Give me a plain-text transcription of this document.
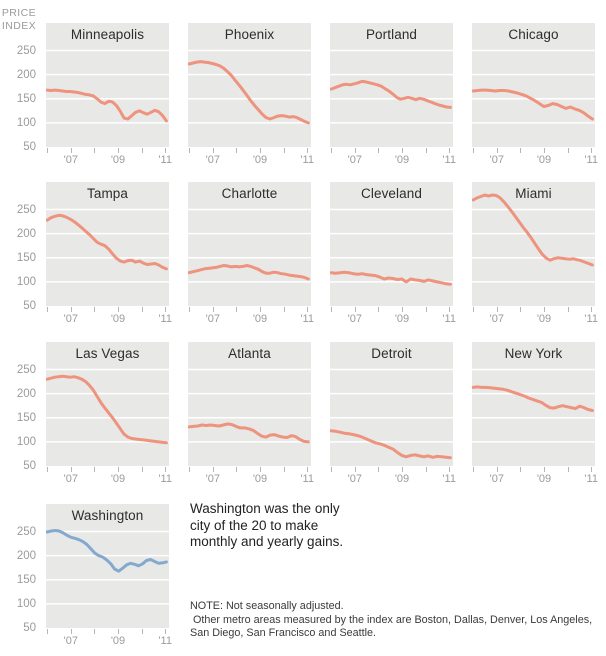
PRICE
INDEX
Minneapolis
'07	'09	'11
250
200
150
100
50
Phoenix
'07	'09	'11
Portland
'07	'09	'11
Chicago
'07	'09	'11
Tampa
'07	'09	'11
250
200
150
100
50
Charlotte
'07	'09	'11
Cleveland
'07	'09	'11
Miami
'07	'09	'11
Las Vegas
'07	'09	'11
250
200
150
100
50
Atlanta
'07	'09	'11
Detroit
'07	'09	'11
New York
'07	'09	'11
Washington
'07	'09	'11
250
200
150
100
50
Washington was the only city of the 20 to make monthly and yearly gains.
NOTE: Not seasonally adjusted.
Other metro areas measured by the index are Boston, Dallas, Denver, Los Angeles, San Diego, San Francisco and Seattle.
